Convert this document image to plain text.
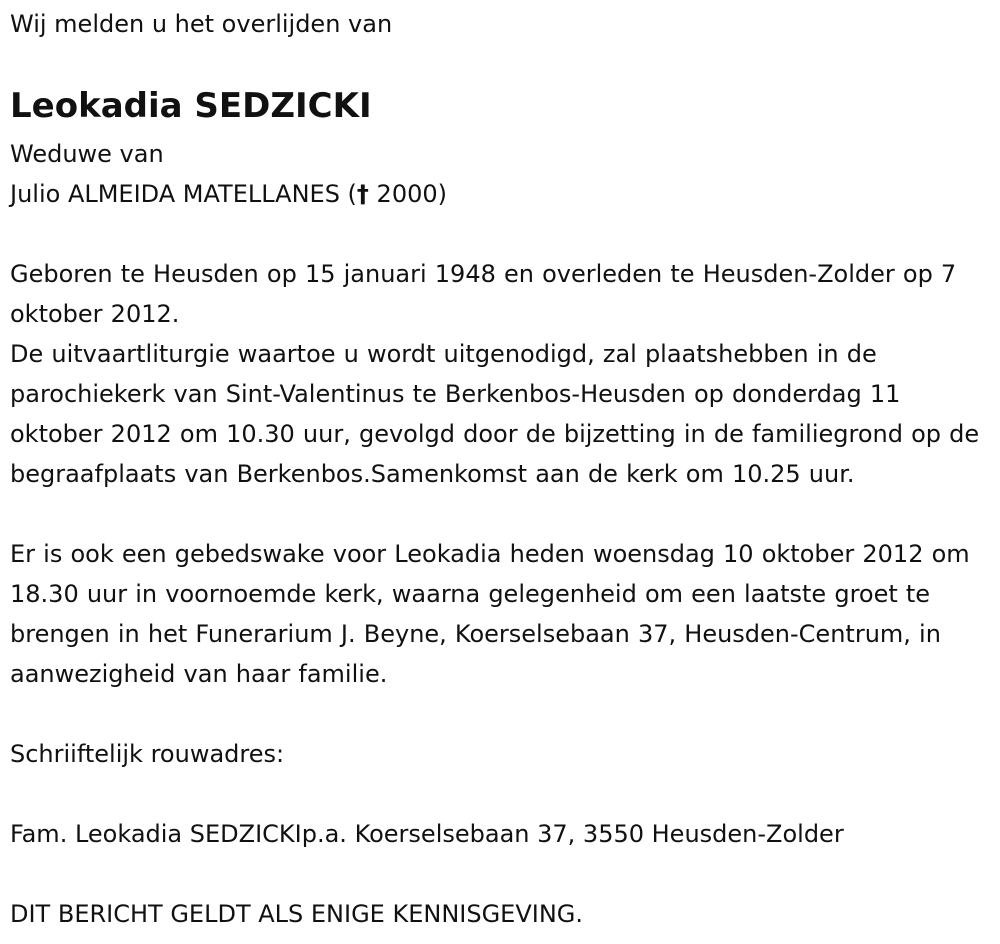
Wij melden u het overlijden van

Leokadia SEDZICKI

Weduwe van

Julio ALMEIDA MATELLANES († 2000)

Geboren te Heusden op 15 januari 1948 en overleden te Heusden-Zolder op 7 oktober 2012.

De uitvaartliturgie waartoe u wordt uitgenodigd, zal plaatshebben in de parochiekerk van Sint-Valentinus te Berkenbos-Heusden op donderdag 11 oktober 2012 om 10.30 uur, gevolgd door de bijzetting in de familiegrond op de begraafplaats van Berkenbos.Samenkomst aan de kerk om 10.25 uur.

Er is ook een gebedswake voor Leokadia heden woensdag 10 oktober 2012 om 18.30 uur in voornoemde kerk, waarna gelegenheid om een laatste groet te brengen in het Funerarium J. Beyne, Koerselsebaan 37, Heusden-Centrum, in aanwezigheid van haar familie.

Schriiftelijk rouwadres:

Fam. Leokadia SEDZICKIp.a. Koerselsebaan 37, 3550 Heusden-Zolder

DIT BERICHT GELDT ALS ENIGE KENNISGEVING.
